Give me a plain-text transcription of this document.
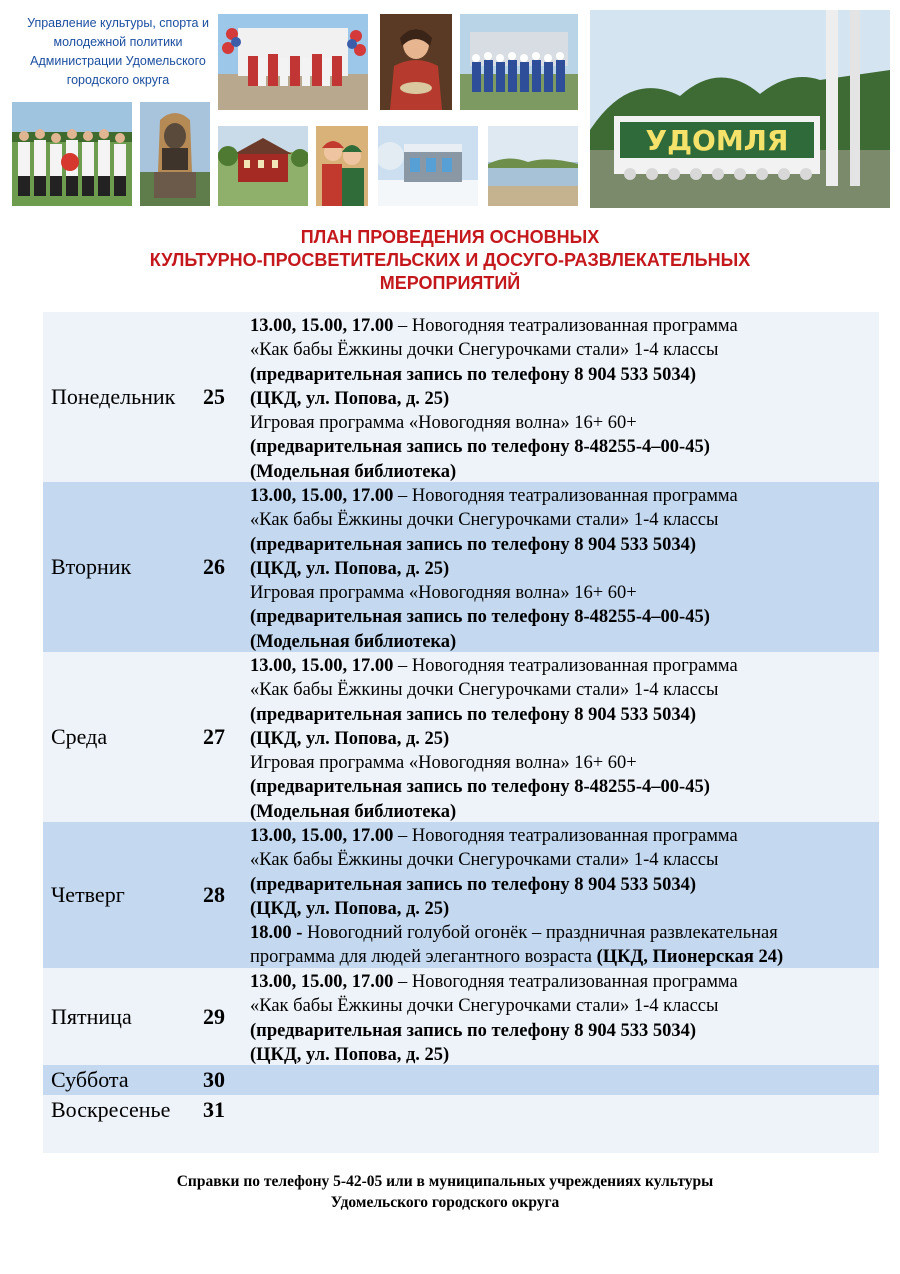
Управление культуры, спорта и
молодежной политики
Администрации Удомельского
городского округа
УДОМЛЯ
ПЛАН ПРОВЕДЕНИЯ ОСНОВНЫХ
КУЛЬТУРНО-ПРОСВЕТИТЕЛЬСКИХ И ДОСУГО-РАЗВЛЕКАТЕЛЬНЫХ
МЕРОПРИЯТИЙ
Понедельник 25
13.00, 15.00, 17.00 – Новогодняя театрализованная программа
«Как бабы Ёжкины дочки Снегурочками стали» 1-4 классы
(предварительная запись по телефону 8 904 533 5034)
(ЦКД, ул. Попова, д. 25)
Игровая программа «Новогодняя волна» 16+ 60+
(предварительная запись по телефону 8-48255-4–00-45)
(Модельная библиотека)
Вторник	26
13.00, 15.00, 17.00 – Новогодняя театрализованная программа
«Как бабы Ёжкины дочки Снегурочками стали» 1-4 классы
(предварительная запись по телефону 8 904 533 5034)
(ЦКД, ул. Попова, д. 25)
Игровая программа «Новогодняя волна» 16+ 60+
(предварительная запись по телефону 8-48255-4–00-45)
(Модельная библиотека)
Среда	27
13.00, 15.00, 17.00 – Новогодняя театрализованная программа
«Как бабы Ёжкины дочки Снегурочками стали» 1-4 классы
(предварительная запись по телефону 8 904 533 5034)
(ЦКД, ул. Попова, д. 25)
Игровая программа «Новогодняя волна» 16+ 60+
(предварительная запись по телефону 8-48255-4–00-45)
(Модельная библиотека)
Четверг	28
13.00, 15.00, 17.00 – Новогодняя театрализованная программа
«Как бабы Ёжкины дочки Снегурочками стали» 1-4 классы
(предварительная запись по телефону 8 904 533 5034)
(ЦКД, ул. Попова, д. 25)
18.00 - Новогодний голубой огонёк – праздничная развлекательная
программа для людей элегантного возраста (ЦКД, Пионерская 24)
Пятница	29
13.00, 15.00, 17.00 – Новогодняя театрализованная программа
«Как бабы Ёжкины дочки Снегурочками стали» 1-4 классы
(предварительная запись по телефону 8 904 533 5034)
(ЦКД, ул. Попова, д. 25)
Суббота	30
Воскресенье 31
Справки по телефону 5-42-05 или в муниципальных учреждениях культуры
Удомельского городского округа
